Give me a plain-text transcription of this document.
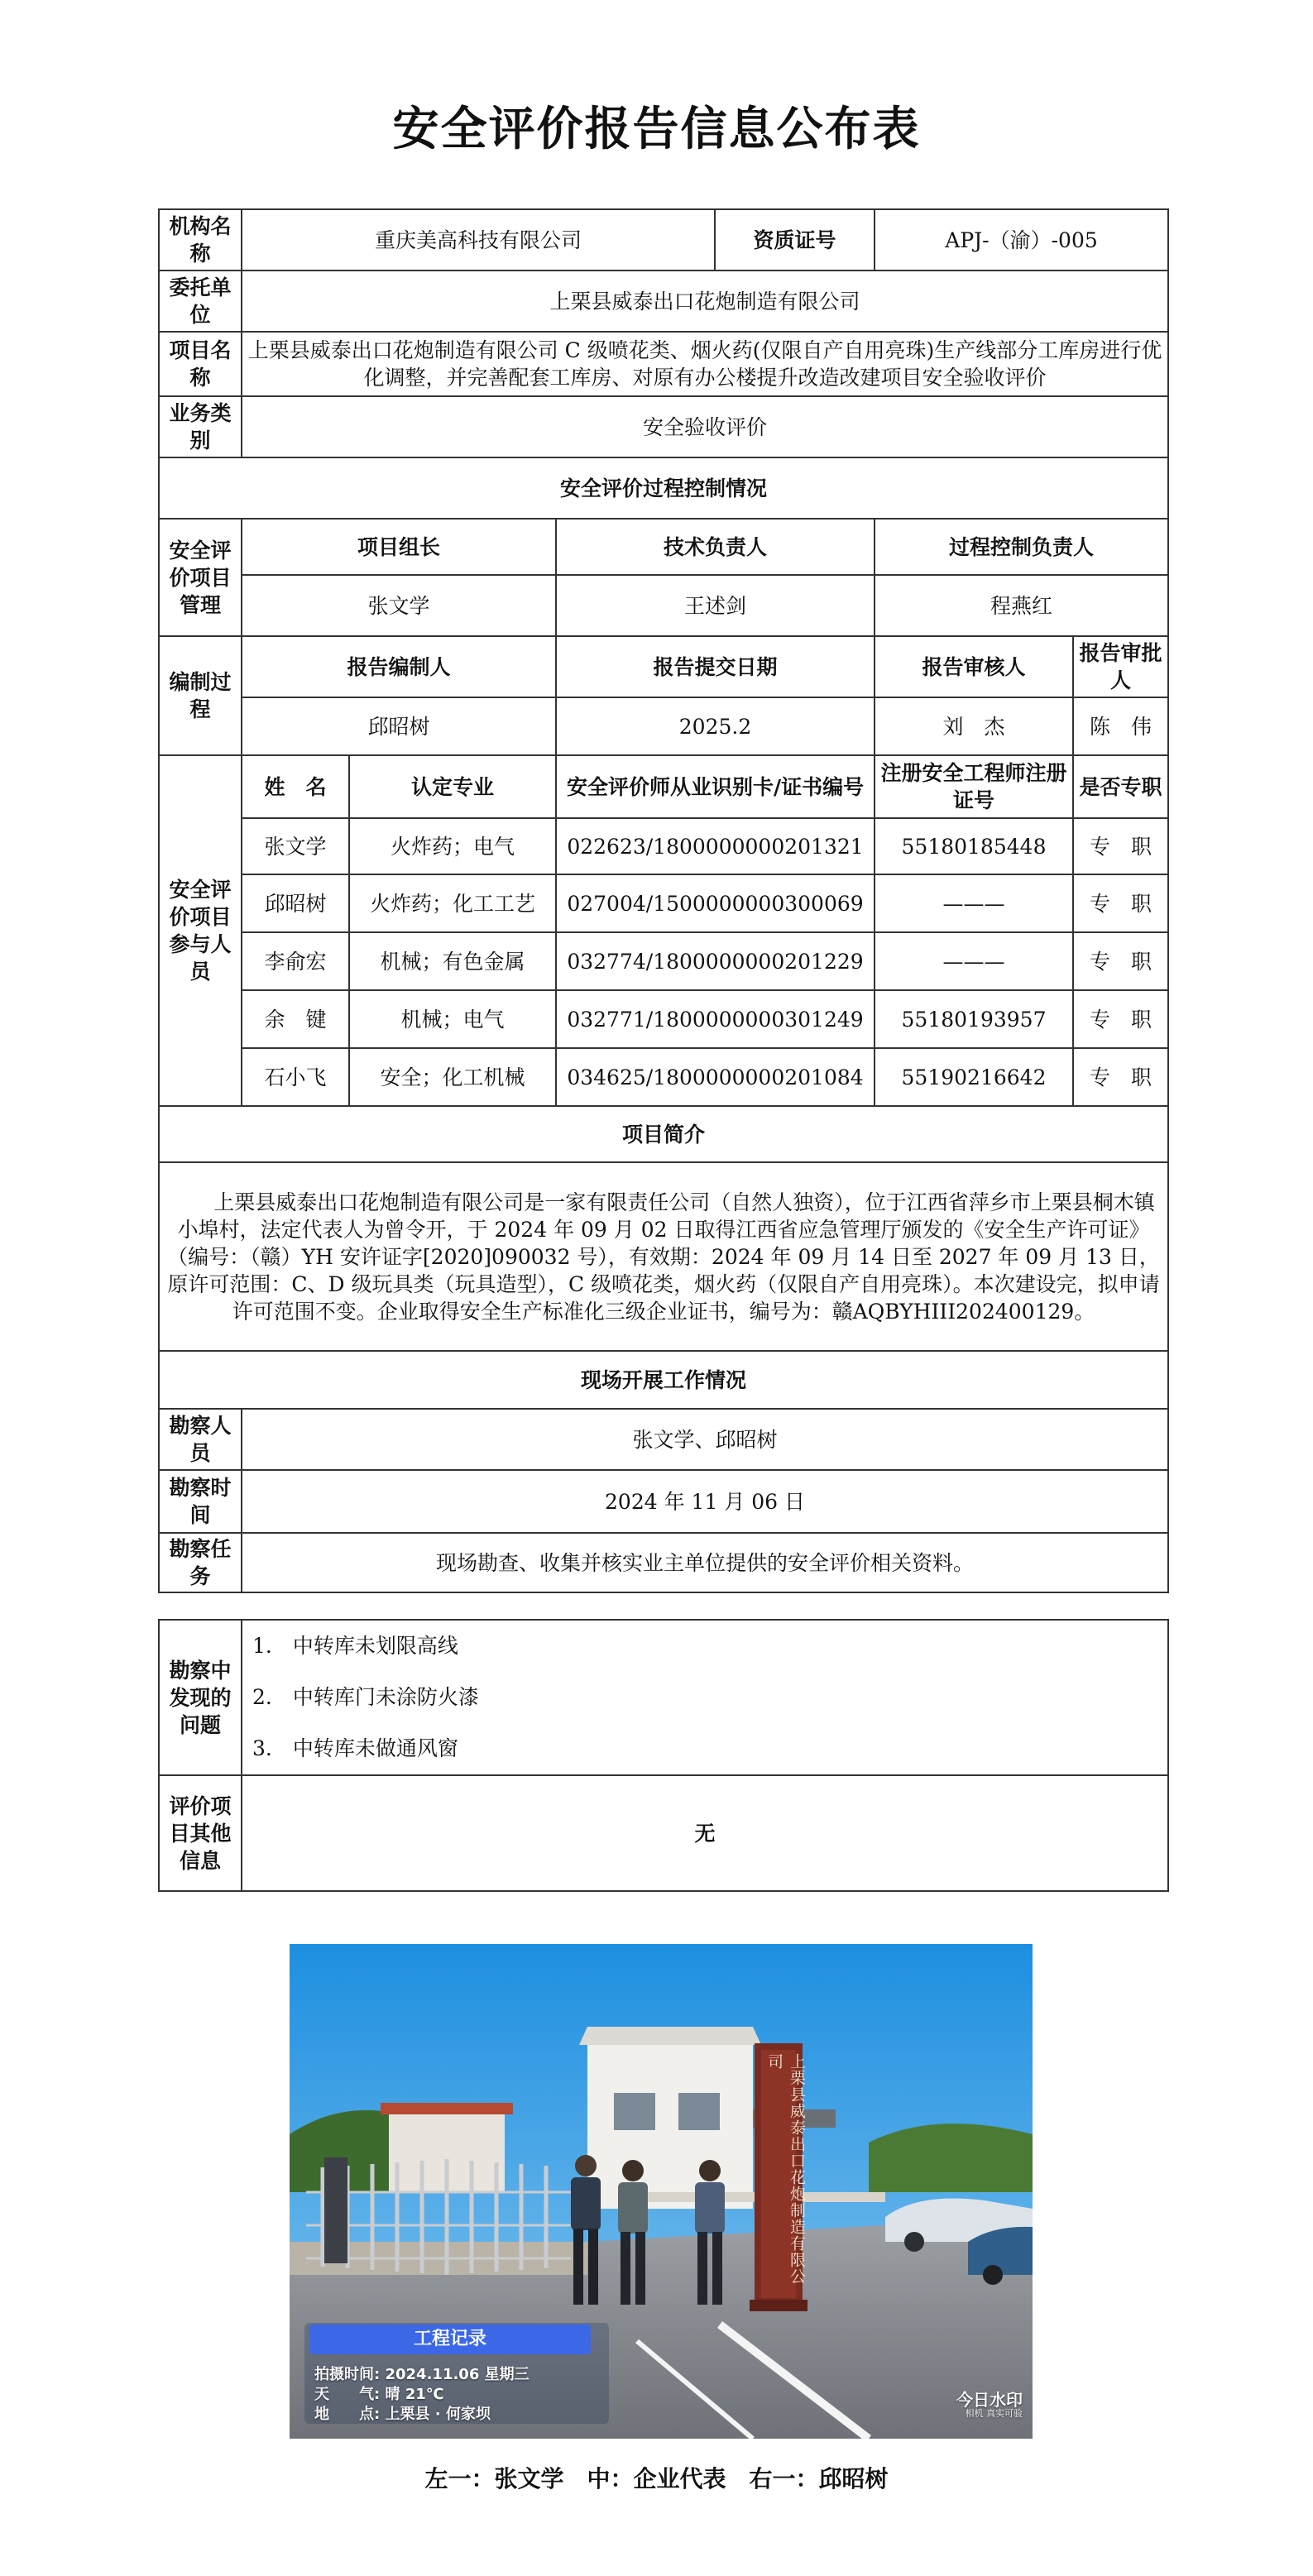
安全评价报告信息公布表
机构名称	重庆美高科技有限公司			资质证号	APJ-（渝）-005	
委托单位	上栗县威泰出口花炮制造有限公司					
项目名称	上栗县威泰出口花炮制造有限公司 C 级喷花类、烟火药(仅限自产自用亮珠)生产线部分工库房进行优化调整，并完善配套工库房、对原有办公楼提升改造改建项目安全验收评价					
业务类别	安全验收评价					
安全评价过程控制情况						
安全评价项目管理	项目组长		技术负责人		过程控制负责人	
	张文学		王述剑		程燕红	
编制过程	报告编制人		报告提交日期		报告审核人	报告审批人
	邱昭树		2025.2		刘　杰	陈　伟
安全评价项目参与人员	姓　名	认定专业	安全评价师从业识别卡/证书编号		注册安全工程师注册证号	是否专职
	张文学	火炸药；电气	022623/1800000000201321		55180185448	专　职
	邱昭树	火炸药；化工工艺	027004/1500000000300069		———	专　职
	李俞宏	机械；有色金属	032774/1800000000201229		———	专　职
	余　键	机械；电气	032771/1800000000301249		55180193957	专　职
	石小飞	安全；化工机械	034625/1800000000201084		55190216642	专　职
项目简介						
上栗县威泰出口花炮制造有限公司是一家有限责任公司（自然人独资），位于江西省萍乡市上栗县桐木镇小埠村，法定代表人为曾令开，于 2024 年 09 月 02 日取得江西省应急管理厅颁发的《安全生产许可证》（编号：（赣）YH 安许证字[2020]090032 号），有效期：2024 年 09 月 14 日至 2027 年 09 月 13 日，原许可范围：C、D 级玩具类（玩具造型），C 级喷花类，烟火药（仅限自产自用亮珠）。本次建设完，拟申请许可范围不变。企业取得安全生产标准化三级企业证书，编号为：赣AQBYHIII202400129。						
现场开展工作情况						
勘察人员	张文学、邱昭树					
勘察时间	2024 年 11 月 06 日					
勘察任务	现场勘查、收集并核实业主单位提供的安全评价相关资料。					
勘察中发现的问题	1.　中转库未划限高线
2.　中转库门未涂防火漆
3.　中转库未做通风窗

评价项目其他信息	无
上栗县威泰出口花炮制造有限公司
工程记录
拍摄时间: 2024.11.06 星期三
天　　气: 晴 21℃
地　　点: 上栗县 · 何家坝
今日水印
相机 真实可验
左一：张文学　中：企业代表　右一：邱昭树
